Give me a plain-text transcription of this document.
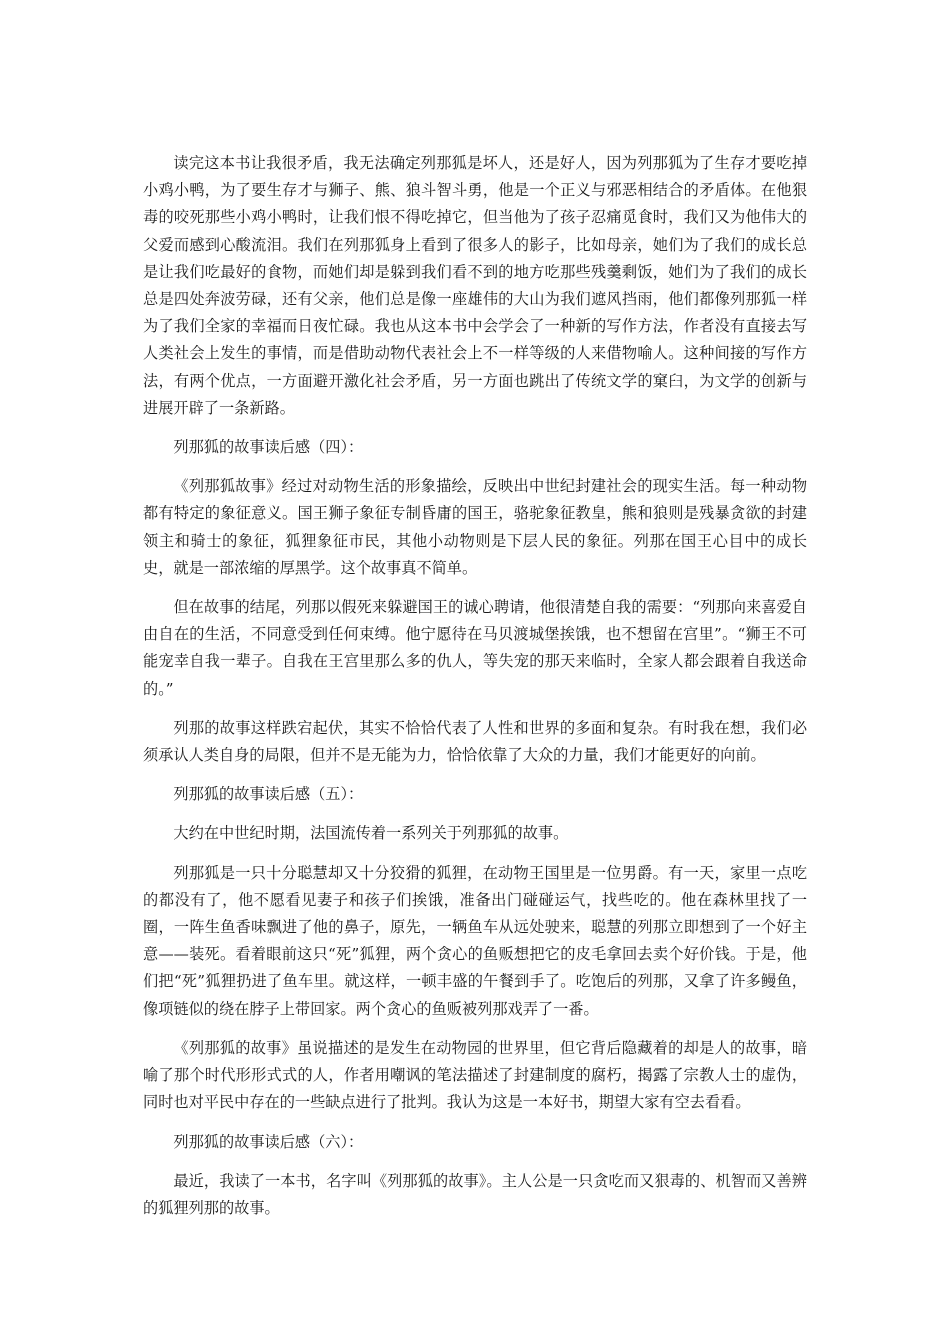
读完这本书让我很矛盾，我无法确定列那狐是坏人，还是好人，因为列那狐为了生存才要吃掉小鸡小鸭，为了要生存才与狮子、熊、狼斗智斗勇，他是一个正义与邪恶相结合的矛盾体。在他狠毒的咬死那些小鸡小鸭时，让我们恨不得吃掉它，但当他为了孩子忍痛觅食时，我们又为他伟大的父爱而感到心酸流泪。我们在列那狐身上看到了很多人的影子，比如母亲，她们为了我们的成长总是让我们吃最好的食物，而她们却是躲到我们看不到的地方吃那些残羹剩饭，她们为了我们的成长总是四处奔波劳碌，还有父亲，他们总是像一座雄伟的大山为我们遮风挡雨，他们都像列那狐一样为了我们全家的幸福而日夜忙碌。我也从这本书中会学会了一种新的写作方法，作者没有直接去写人类社会上发生的事情，而是借助动物代表社会上不一样等级的人来借物喻人。这种间接的写作方法，有两个优点，一方面避开激化社会矛盾，另一方面也跳出了传统文学的窠臼，为文学的创新与进展开辟了一条新路。

列那狐的故事读后感（四）：

《列那狐故事》经过对动物生活的形象描绘，反映出中世纪封建社会的现实生活。每一种动物都有特定的象征意义。国王狮子象征专制昏庸的国王，骆驼象征教皇，熊和狼则是残暴贪欲的封建领主和骑士的象征，狐狸象征市民，其他小动物则是下层人民的象征。列那在国王心目中的成长史，就是一部浓缩的厚黑学。这个故事真不简单。

但在故事的结尾，列那以假死来躲避国王的诚心聘请，他很清楚自我的需要：“列那向来喜爱自由自在的生活，不同意受到任何束缚。他宁愿待在马贝渡城堡挨饿，也不想留在宫里”。“狮王不可能宠幸自我一辈子。自我在王宫里那么多的仇人，等失宠的那天来临时，全家人都会跟着自我送命的。”

列那的故事这样跌宕起伏，其实不恰恰代表了人性和世界的多面和复杂。有时我在想，我们必须承认人类自身的局限，但并不是无能为力，恰恰依靠了大众的力量，我们才能更好的向前。

列那狐的故事读后感（五）：

大约在中世纪时期，法国流传着一系列关于列那狐的故事。

列那狐是一只十分聪慧却又十分狡猾的狐狸，在动物王国里是一位男爵。有一天，家里一点吃的都没有了，他不愿看见妻子和孩子们挨饿，准备出门碰碰运气，找些吃的。他在森林里找了一圈，一阵生鱼香味飘进了他的鼻子，原先，一辆鱼车从远处驶来，聪慧的列那立即想到了一个好主意——装死。看着眼前这只“死”狐狸，两个贪心的鱼贩想把它的皮毛拿回去卖个好价钱。于是，他们把“死”狐狸扔进了鱼车里。就这样，一顿丰盛的午餐到手了。吃饱后的列那，又拿了许多鳗鱼，像项链似的绕在脖子上带回家。两个贪心的鱼贩被列那戏弄了一番。

《列那狐的故事》虽说描述的是发生在动物园的世界里，但它背后隐藏着的却是人的故事，暗喻了那个时代形形式式的人，作者用嘲讽的笔法描述了封建制度的腐朽，揭露了宗教人士的虚伪，同时也对平民中存在的一些缺点进行了批判。我认为这是一本好书，期望大家有空去看看。

列那狐的故事读后感（六）：

最近，我读了一本书，名字叫《列那狐的故事》。主人公是一只贪吃而又狠毒的、机智而又善辨的狐狸列那的故事。
